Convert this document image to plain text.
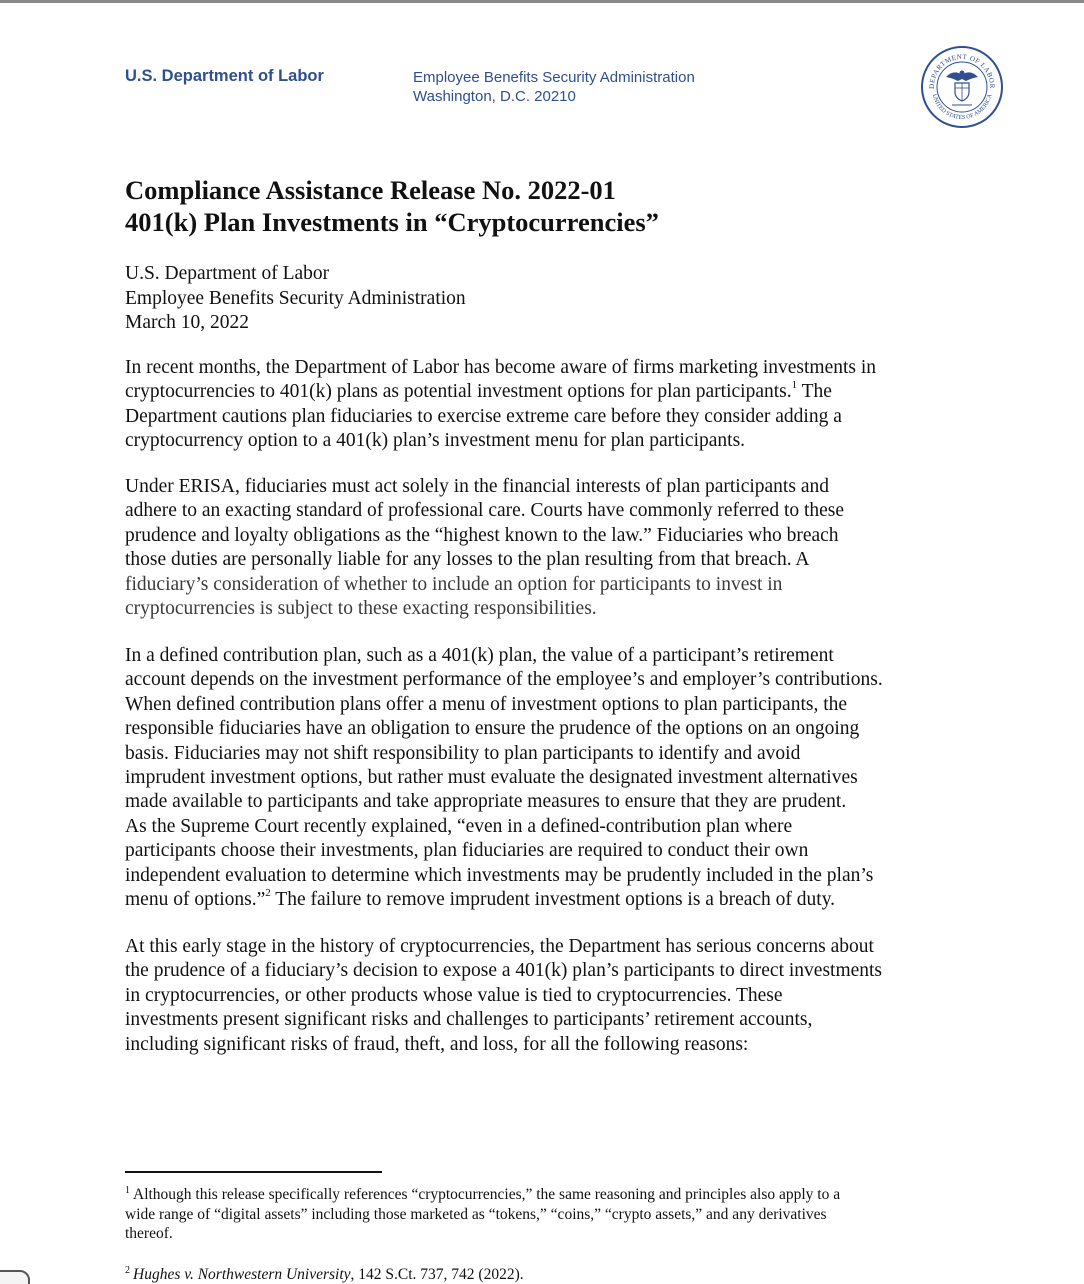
U.S. Department of Labor	Employee Benefits Security Administration
Washington, D.C. 20210
DEPARTMENT OF LABOR
UNITED STATES OF AMERICA
Compliance Assistance Release No. 2022-01
401(k) Plan Investments in “Cryptocurrencies”
U.S. Department of Labor
Employee Benefits Security Administration
March 10, 2022
In recent months, the Department of Labor has become aware of firms marketing investments in
cryptocurrencies to 401(k) plans as potential investment options for plan participants.$^1$ The
Department cautions plan fiduciaries to exercise extreme care before they consider adding a
cryptocurrency option to a 401(k) plan’s investment menu for plan participants.
Under ERISA, fiduciaries must act solely in the financial interests of plan participants and
adhere to an exacting standard of professional care. Courts have commonly referred to these
prudence and loyalty obligations as the “highest known to the law.” Fiduciaries who breach
those duties are personally liable for any losses to the plan resulting from that breach. A
fiduciary’s consideration of whether to include an option for participants to invest in
cryptocurrencies is subject to these exacting responsibilities.
In a defined contribution plan, such as a 401(k) plan, the value of a participant’s retirement
account depends on the investment performance of the employee’s and employer’s contributions.
When defined contribution plans offer a menu of investment options to plan participants, the
responsible fiduciaries have an obligation to ensure the prudence of the options on an ongoing
basis. Fiduciaries may not shift responsibility to plan participants to identify and avoid
imprudent investment options, but rather must evaluate the designated investment alternatives
made available to participants and take appropriate measures to ensure that they are prudent.
As the Supreme Court recently explained, “even in a defined-contribution plan where
participants choose their investments, plan fiduciaries are required to conduct their own
independent evaluation to determine which investments may be prudently included in the plan’s
menu of options.”$^2$ The failure to remove imprudent investment options is a breach of duty.
At this early stage in the history of cryptocurrencies, the Department has serious concerns about
the prudence of a fiduciary’s decision to expose a 401(k) plan’s participants to direct investments
in cryptocurrencies, or other products whose value is tied to cryptocurrencies. These
investments present significant risks and challenges to participants’ retirement accounts,
including significant risks of fraud, theft, and loss, for all the following reasons:
$^1$ Although this release specifically references “cryptocurrencies,” the same reasoning and principles also apply to a
wide range of “digital assets” including those marketed as “tokens,” “coins,” “crypto assets,” and any derivatives
thereof.
$^2$ Hughes v. Northwestern University, 142 S.Ct. 737, 742 (2022).
